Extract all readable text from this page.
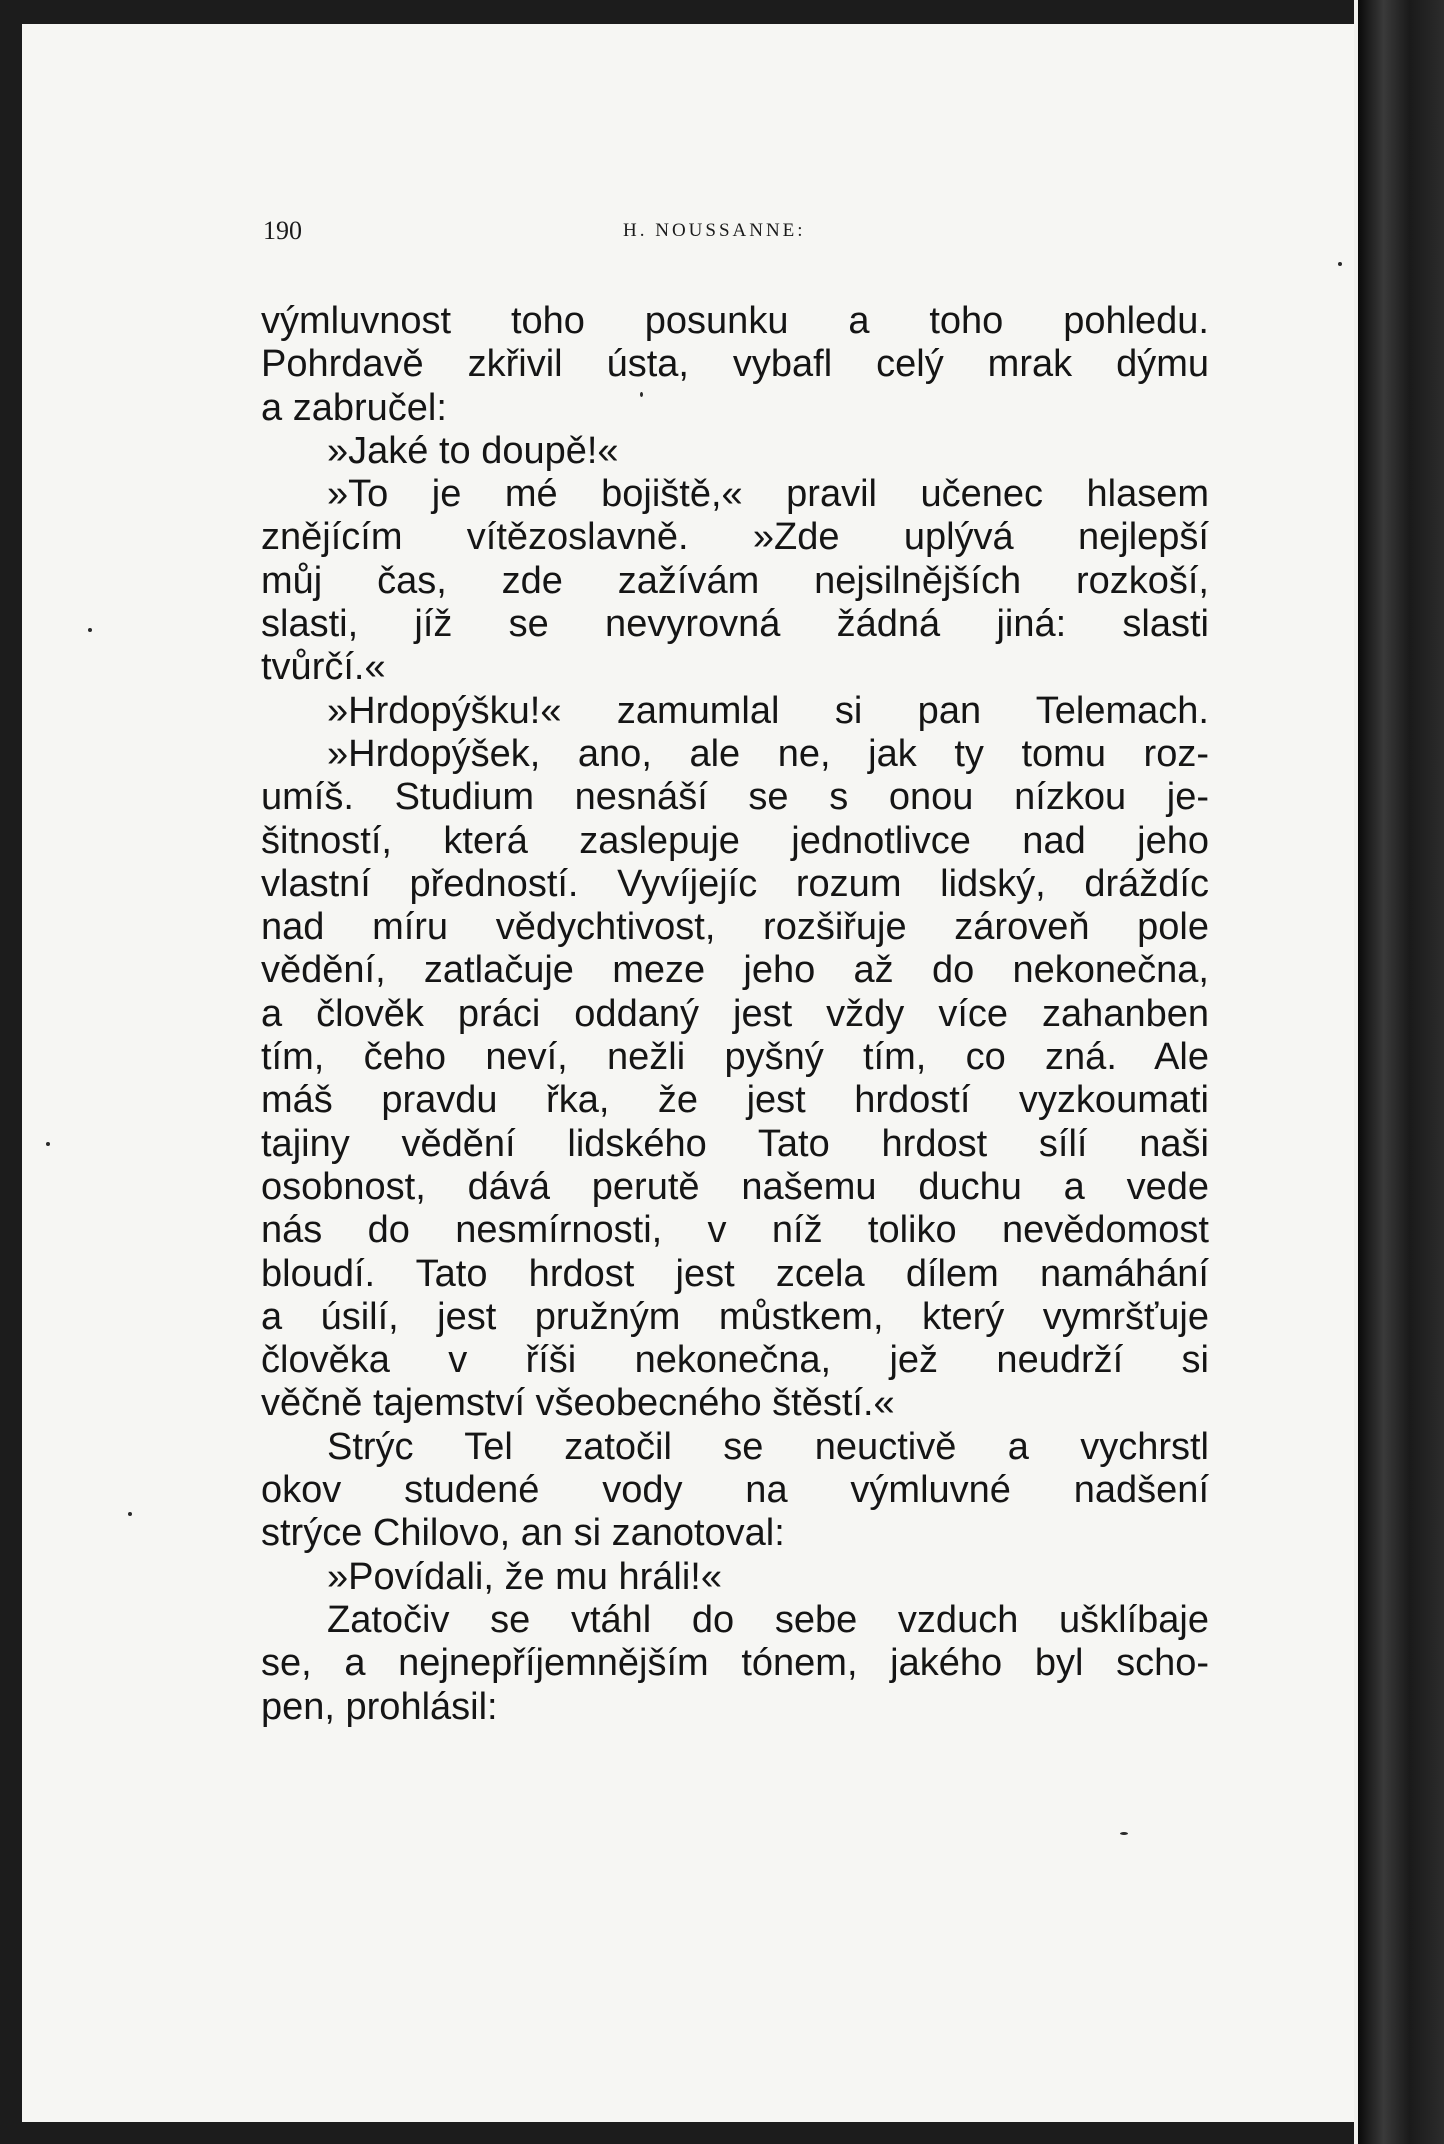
190	H. NOUSSANNE:
výmluvnost toho posunku a toho pohledu.
Pohrdavě zkřivil ústa, vybafl celý mrak dýmu
a zabručel:
»Jaké to doupě!«
»To je mé bojiště,« pravil učenec hlasem
znějícím vítězoslavně. »Zde uplývá nejlepší
můj čas, zde zažívám nejsilnějších rozkoší,
slasti, jíž se nevyrovná žádná jiná: slasti
tvůrčí.«
»Hrdopýšku!« zamumlal si pan Telemach.
»Hrdopýšek, ano, ale ne, jak ty tomu roz-
umíš. Studium nesnáší se s onou nízkou je-
šitností, která zaslepuje jednotlivce nad jeho
vlastní předností. Vyvíjejíc rozum lidský, dráždíc
nad míru vědychtivost, rozšiřuje zároveň pole
vědění, zatlačuje meze jeho až do nekonečna,
a člověk práci oddaný jest vždy více zahanben
tím, čeho neví, nežli pyšný tím, co zná. Ale
máš pravdu řka, že jest hrdostí vyzkoumati
tajiny vědění lidského Tato hrdost sílí naši
osobnost, dává perutě našemu duchu a vede
nás do nesmírnosti, v níž toliko nevědomost
bloudí. Tato hrdost jest zcela dílem namáhání
a úsilí, jest pružným můstkem, který vymršťuje
člověka v říši nekonečna, jež neudrží si
věčně tajemství všeobecného štěstí.«
Strýc Tel zatočil se neuctivě a vychrstl
okov studené vody na výmluvné nadšení
strýce Chilovo, an si zanotoval:
»Povídali, že mu hráli!«
Zatočiv se vtáhl do sebe vzduch ušklíbaje
se, a nejnepříjemnějším tónem, jakého byl scho-
pen, prohlásil:
